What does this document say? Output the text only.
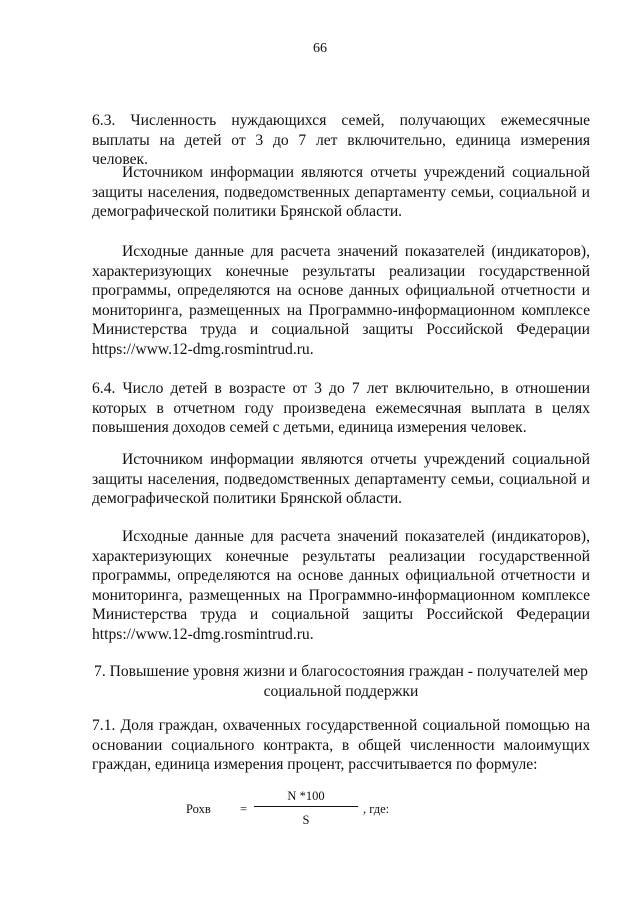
66

6.3. Численность нуждающихся семей, получающих ежемесячные выплаты на детей от 3 до 7 лет включительно, единица измерения человек.

Источником информации являются отчеты учреждений социальной защиты населения, подведомственных департаменту семьи, социальной и демографической политики Брянской области.

Исходные данные для расчета значений показателей (индикаторов), характеризующих конечные результаты реализации государственной программы, определяются на основе данных официальной отчетности и мониторинга, размещенных на Программно-информационном комплексе Министерства труда и социальной защиты Российской Федерации https://www.12-dmg.rosmintrud.ru.

6.4. Число детей в возрасте от 3 до 7 лет включительно, в отношении которых в отчетном году произведена ежемесячная выплата в целях повышения доходов семей с детьми, единица измерения человек.

Источником информации являются отчеты учреждений социальной защиты населения, подведомственных департаменту семьи, социальной и демографической политики Брянской области.

Исходные данные для расчета значений показателей (индикаторов), характеризующих конечные результаты реализации государственной программы, определяются на основе данных официальной отчетности и мониторинга, размещенных на Программно-информационном комплексе Министерства труда и социальной защиты Российской Федерации https://www.12-dmg.rosmintrud.ru.

7. Повышение уровня жизни и благосостояния граждан - получателей мер
социальной поддержки

7.1. Доля граждан, охваченных государственной социальной помощью на основании социального контракта, в общей численности малоимущих граждан, единица измерения процент, рассчитывается по формуле:

Рохв =
N *100
S
, где:
